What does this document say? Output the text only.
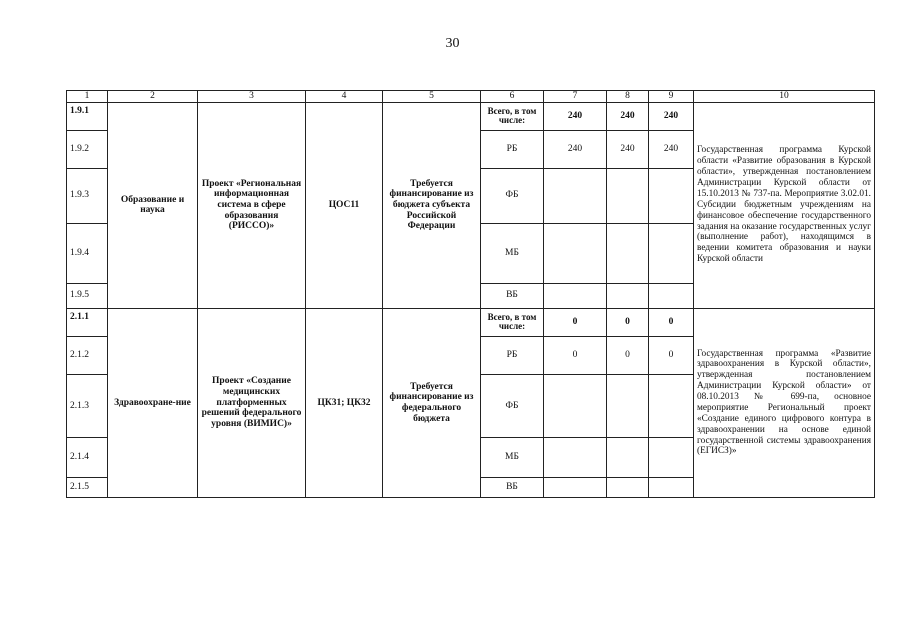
30
1	2	3	4	5	6	7	8	9	10
1.9.1	Образование и наука	Проект «Региональная информационная система в сфере образования (РИССО)»	ЦОС11	Требуется финансирование из бюджета субъекта Российской Федерации	Всего, в том числе:	240	240	240	Государственная программа Курской области «Развитие образования в Курской области», утвержденная постановлением Администрации Курской области от 15.10.2013 № 737-па. Мероприятие 3.02.01. Субсидии бюджетным учреждениям на финансовое обеспечение государственного задания на оказание государственных услуг (выполнение работ), находящимся в ведении комитета образования и науки Курской области
1.9.2					РБ	240	240	240	
1.9.3					ФБ				
1.9.4					МБ				
1.9.5					ВБ				
2.1.1	Здравоохране-ние	Проект «Создание медицинских платформенных решений федерального уровня (ВИМИС)»	ЦК31; ЦК32	Требуется финансирование из федерального бюджета	Всего, в том числе:	0	0	0	Государственная программа «Развитие здравоохранения в Курской области», утвержденная постановлением Администрации Курской области» от 08.10.2013 № 699-па, основное мероприятие Региональный проект «Создание единого цифрового контура в здравоохранении на основе единой государственной системы здравоохранения (ЕГИСЗ)»
2.1.2					РБ	0	0	0	
2.1.3					ФБ				
2.1.4					МБ				
2.1.5					ВБ				
